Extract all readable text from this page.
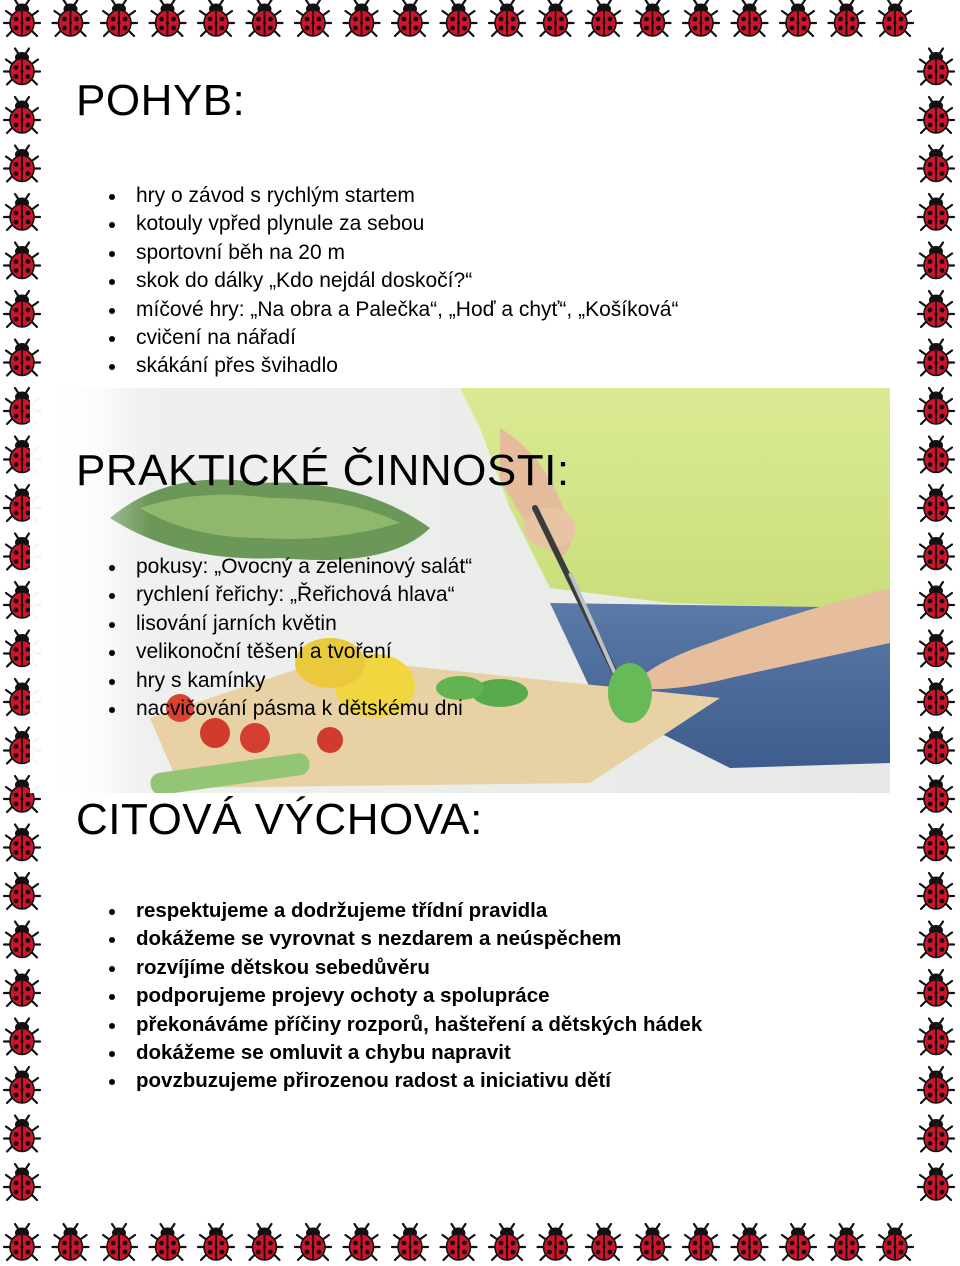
POHYB:
hry o závod s rychlým startem
kotouly vpřed plynule za sebou
sportovní běh na 20 m
skok do dálky „Kdo nejdál doskočí?“
míčové hry: „Na obra a Palečka“, „Hoď a chyť“, „Košíková“
cvičení na nářadí
skákání přes švihadlo
PRAKTICKÉ ČINNOSTI:
pokusy: „Ovocný a zeleninový salát“
rychlení řeřichy: „Řeřichová hlava“
lisování jarních květin
velikonoční těšení a tvoření
hry s kamínky
nacvičování pásma k dětskému dni
CITOVÁ VÝCHOVA:
respektujeme a dodržujeme třídní pravidla
dokážeme se vyrovnat s nezdarem a neúspěchem
rozvíjíme dětskou sebedůvěru
podporujeme projevy ochoty a spolupráce
překonáváme příčiny rozporů, hašteření a dětských hádek
dokážeme se omluvit a chybu napravit
povzbuzujeme přirozenou radost a iniciativu dětí
